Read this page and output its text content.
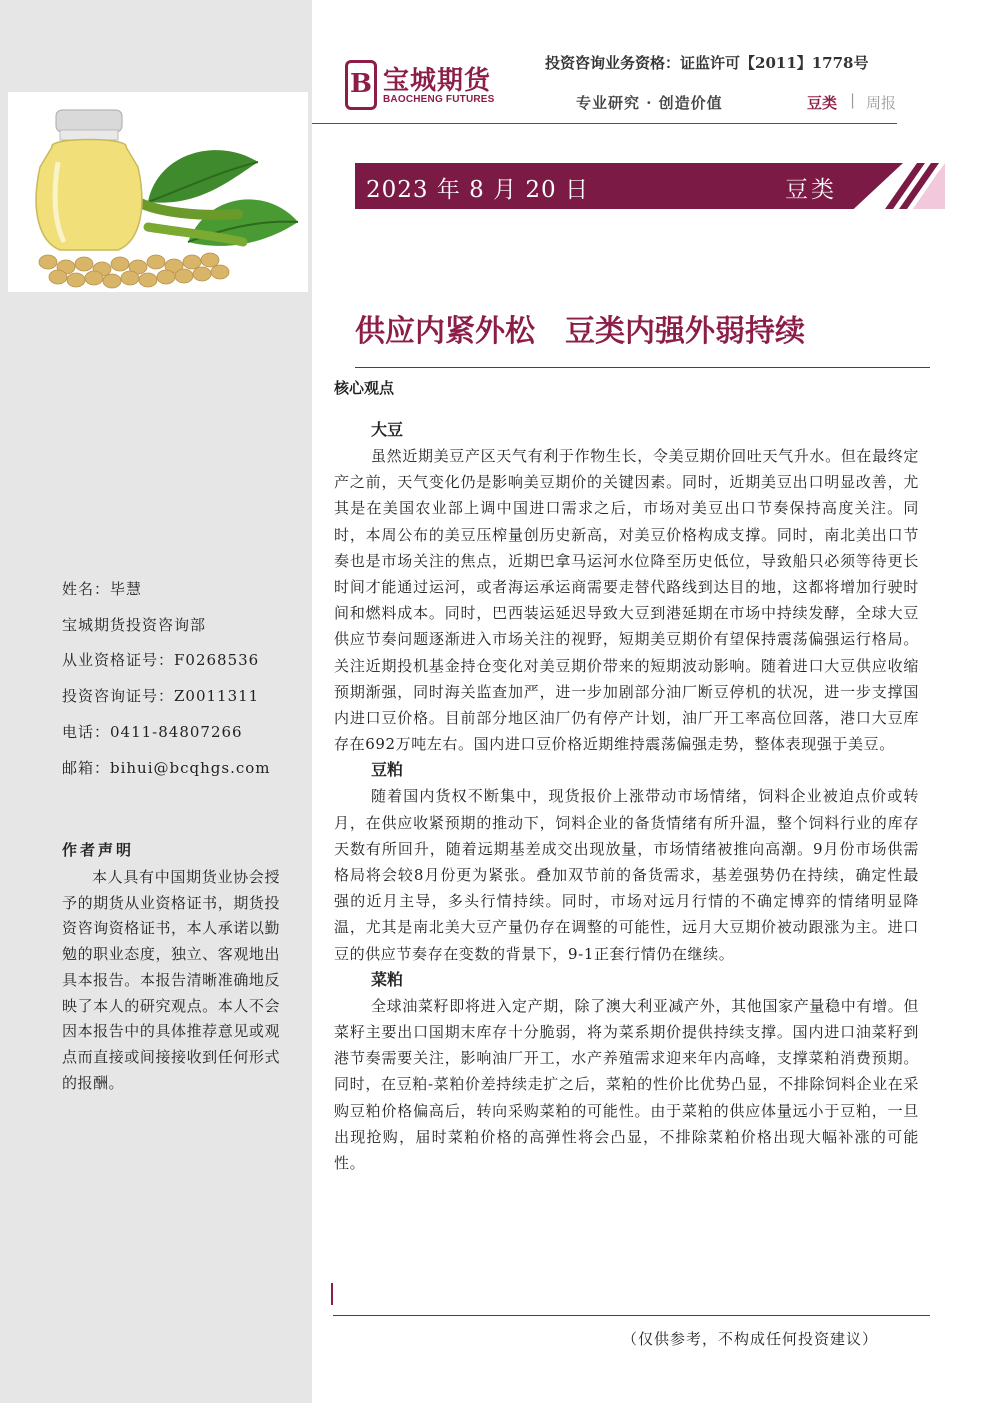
B 宝城期货
BAOCHENG FUTURES
投资咨询业务资格：证监许可【2011】1778号
专业研究 · 创造价值	豆类 | 周报
2023 年 8 月 20 日	豆类
供应内紧外松　豆类内强外弱持续
核心观点
大豆

虽然近期美豆产区天气有利于作物生长，令美豆期价回吐天气升水。但在最终定产之前，天气变化仍是影响美豆期价的关键因素。同时，近期美豆出口明显改善，尤其是在美国农业部上调中国进口需求之后，市场对美豆出口节奏保持高度关注。同时，本周公布的美豆压榨量创历史新高，对美豆价格构成支撑。同时，南北美出口节奏也是市场关注的焦点，近期巴拿马运河水位降至历史低位，导致船只必须等待更长时间才能通过运河，或者海运承运商需要走替代路线到达目的地，这都将增加行驶时间和燃料成本。同时，巴西装运延迟导致大豆到港延期在市场中持续发酵，全球大豆供应节奏问题逐渐进入市场关注的视野，短期美豆期价有望保持震荡偏强运行格局。关注近期投机基金持仓变化对美豆期价带来的短期波动影响。随着进口大豆供应收缩预期渐强，同时海关监查加严，进一步加剧部分油厂断豆停机的状况，进一步支撑国内进口豆价格。目前部分地区油厂仍有停产计划，油厂开工率高位回落，港口大豆库存在692万吨左右。国内进口豆价格近期维持震荡偏强走势，整体表现强于美豆。

豆粕

随着国内货权不断集中，现货报价上涨带动市场情绪，饲料企业被迫点价或转月，在供应收紧预期的推动下，饲料企业的备货情绪有所升温，整个饲料行业的库存天数有所回升，随着远期基差成交出现放量，市场情绪被推向高潮。9月份市场供需格局将会较8月份更为紧张。叠加双节前的备货需求，基差强势仍在持续，确定性最强的近月主导，多头行情持续。同时，市场对远月行情的不确定博弈的情绪明显降温，尤其是南北美大豆产量仍存在调整的可能性，远月大豆期价被动跟涨为主。进口豆的供应节奏存在变数的背景下，9-1正套行情仍在继续。

菜粕

全球油菜籽即将进入定产期，除了澳大利亚减产外，其他国家产量稳中有增。但菜籽主要出口国期末库存十分脆弱，将为菜系期价提供持续支撑。国内进口油菜籽到港节奏需要关注，影响油厂开工，水产养殖需求迎来年内高峰，支撑菜粕消费预期。同时，在豆粕-菜粕价差持续走扩之后，菜粕的性价比优势凸显，不排除饲料企业在采购豆粕价格偏高后，转向采购菜粕的可能性。由于菜粕的供应体量远小于豆粕，一旦出现抢购，届时菜粕价格的高弹性将会凸显，不排除菜粕价格出现大幅补涨的可能性。

姓名：毕慧
宝城期货投资咨询部
从业资格证号：F0268536
投资咨询证号：Z0011311
电话：0411-84807266
邮箱：bihui@bcqhgs.com
作者声明
本人具有中国期货业协会授予的期货从业资格证书，期货投资咨询资格证书，本人承诺以勤勉的职业态度，独立、客观地出具本报告。本报告清晰准确地反映了本人的研究观点。本人不会因本报告中的具体推荐意见或观点而直接或间接接收到任何形式的报酬。
（仅供参考，不构成任何投资建议）
